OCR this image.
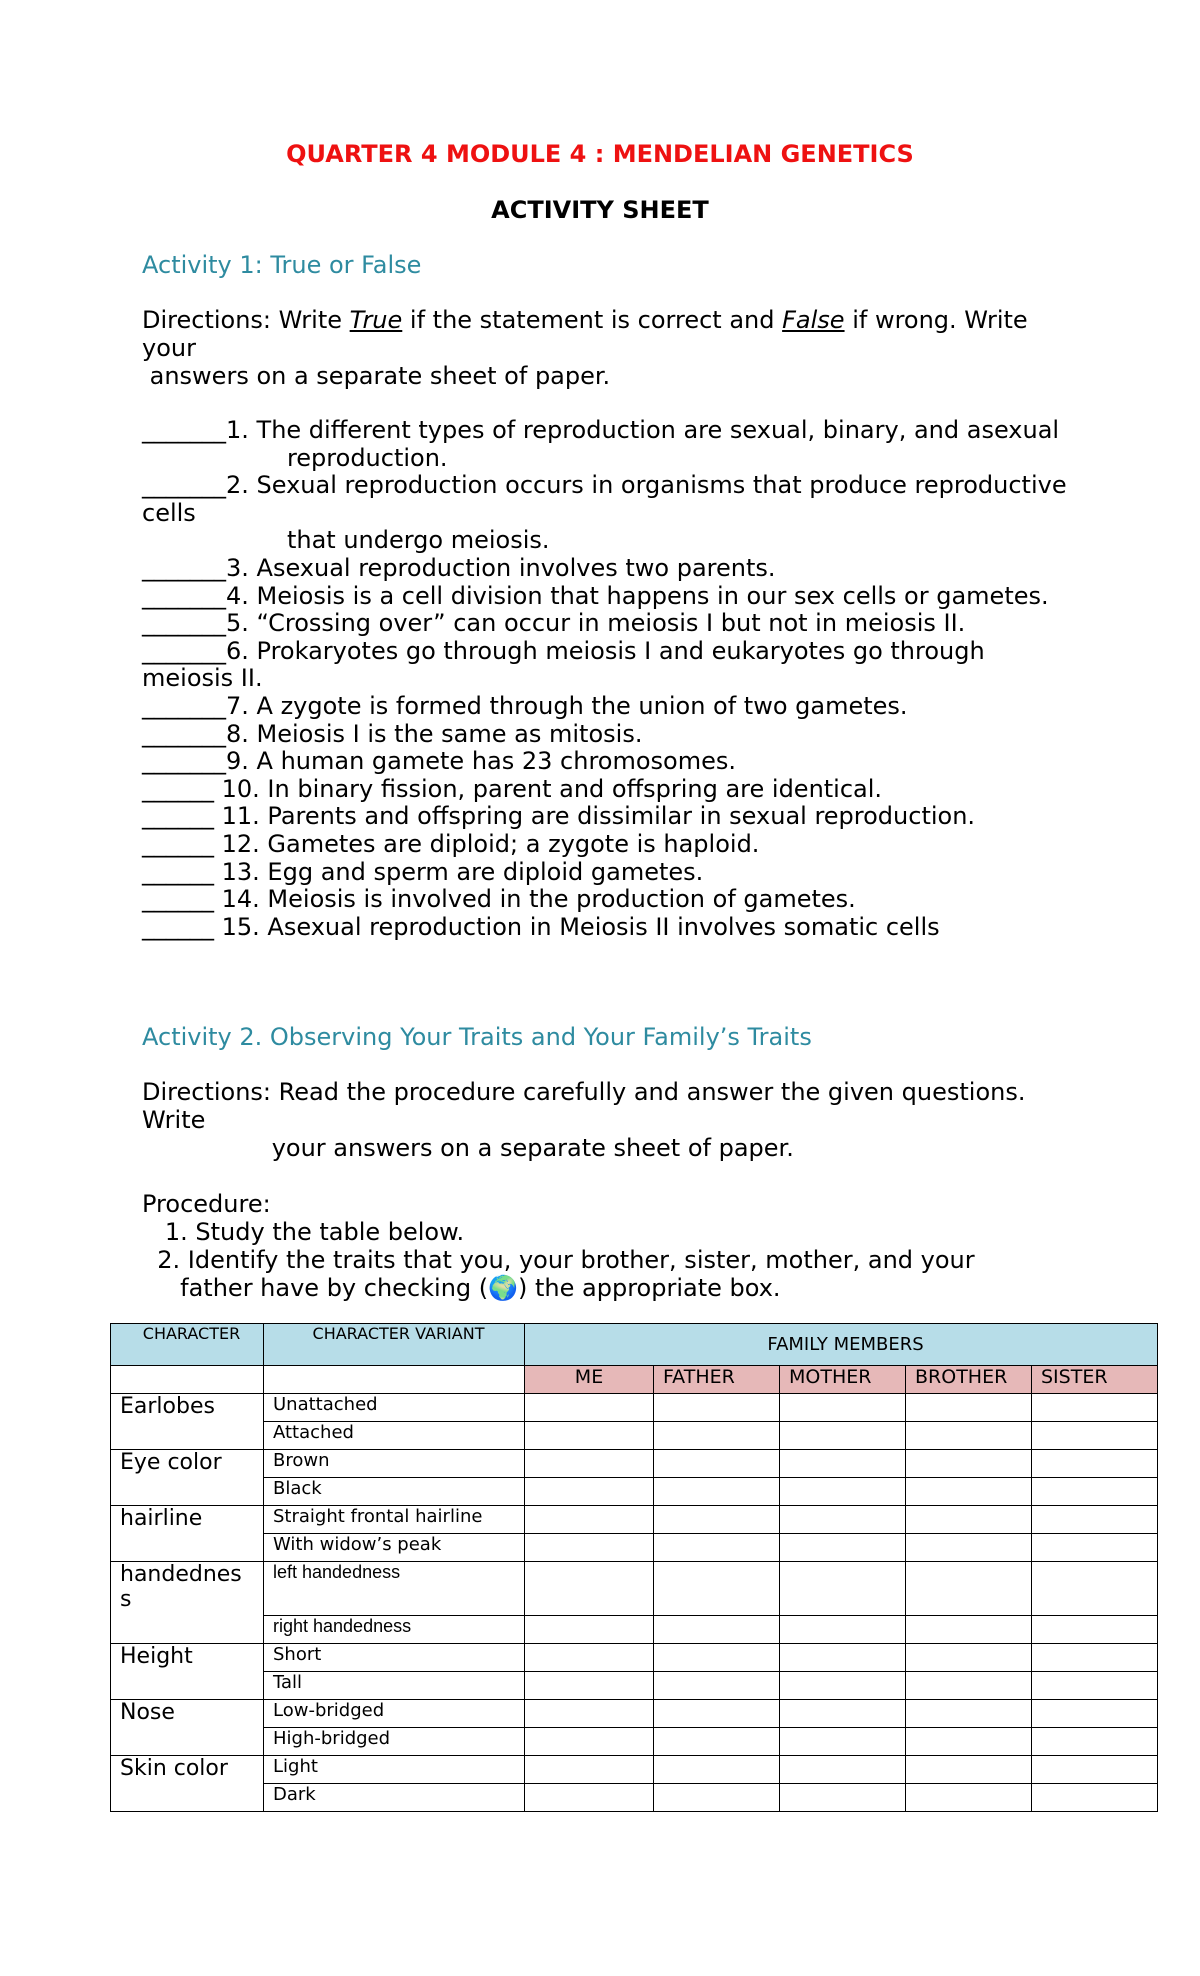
QUARTER 4 MODULE 4 : MENDELIAN GENETICS
ACTIVITY SHEET
Activity 1: True or False
Directions: Write True if the statement is correct and False if wrong. Write
your
answers on a separate sheet of paper.
_______1. The different types of reproduction are sexual, binary, and asexual
reproduction.
_______2. Sexual reproduction occurs in organisms that produce reproductive
cells
that undergo meiosis.
_______3. Asexual reproduction involves two parents.
_______4. Meiosis is a cell division that happens in our sex cells or gametes.
_______5. “Crossing over” can occur in meiosis I but not in meiosis II.
_______6. Prokaryotes go through meiosis I and eukaryotes go through
meiosis II.
_______7. A zygote is formed through the union of two gametes.
_______8. Meiosis I is the same as mitosis.
_______9. A human gamete has 23 chromosomes.
______ 10. In binary fission, parent and offspring are identical.
______ 11. Parents and offspring are dissimilar in sexual reproduction.
______ 12. Gametes are diploid; a zygote is haploid.
______ 13. Egg and sperm are diploid gametes.
______ 14. Meiosis is involved in the production of gametes.
______ 15. Asexual reproduction in Meiosis II involves somatic cells
Activity 2. Observing Your Traits and Your Family’s Traits
Directions: Read the procedure carefully and answer the given questions.
Write
your answers on a separate sheet of paper.
Procedure:
1. Study the table below.
2. Identify the traits that you, your brother, sister, mother, and your
father have by checking (🌍) the appropriate box.
CHARACTER	CHARACTER VARIANT	FAMILY MEMBERS				
		ME	FATHER	MOTHER	BROTHER	SISTER
Earlobes	Unattached					
	Attached					
Eye color	Brown					
	Black					
hairline	Straight frontal hairline					
	With widow’s peak					
handednes
s	left handedness					
	right handedness					
Height	Short					
	Tall					
Nose	Low-bridged					
	High-bridged					
Skin color	Light					
	Dark					
